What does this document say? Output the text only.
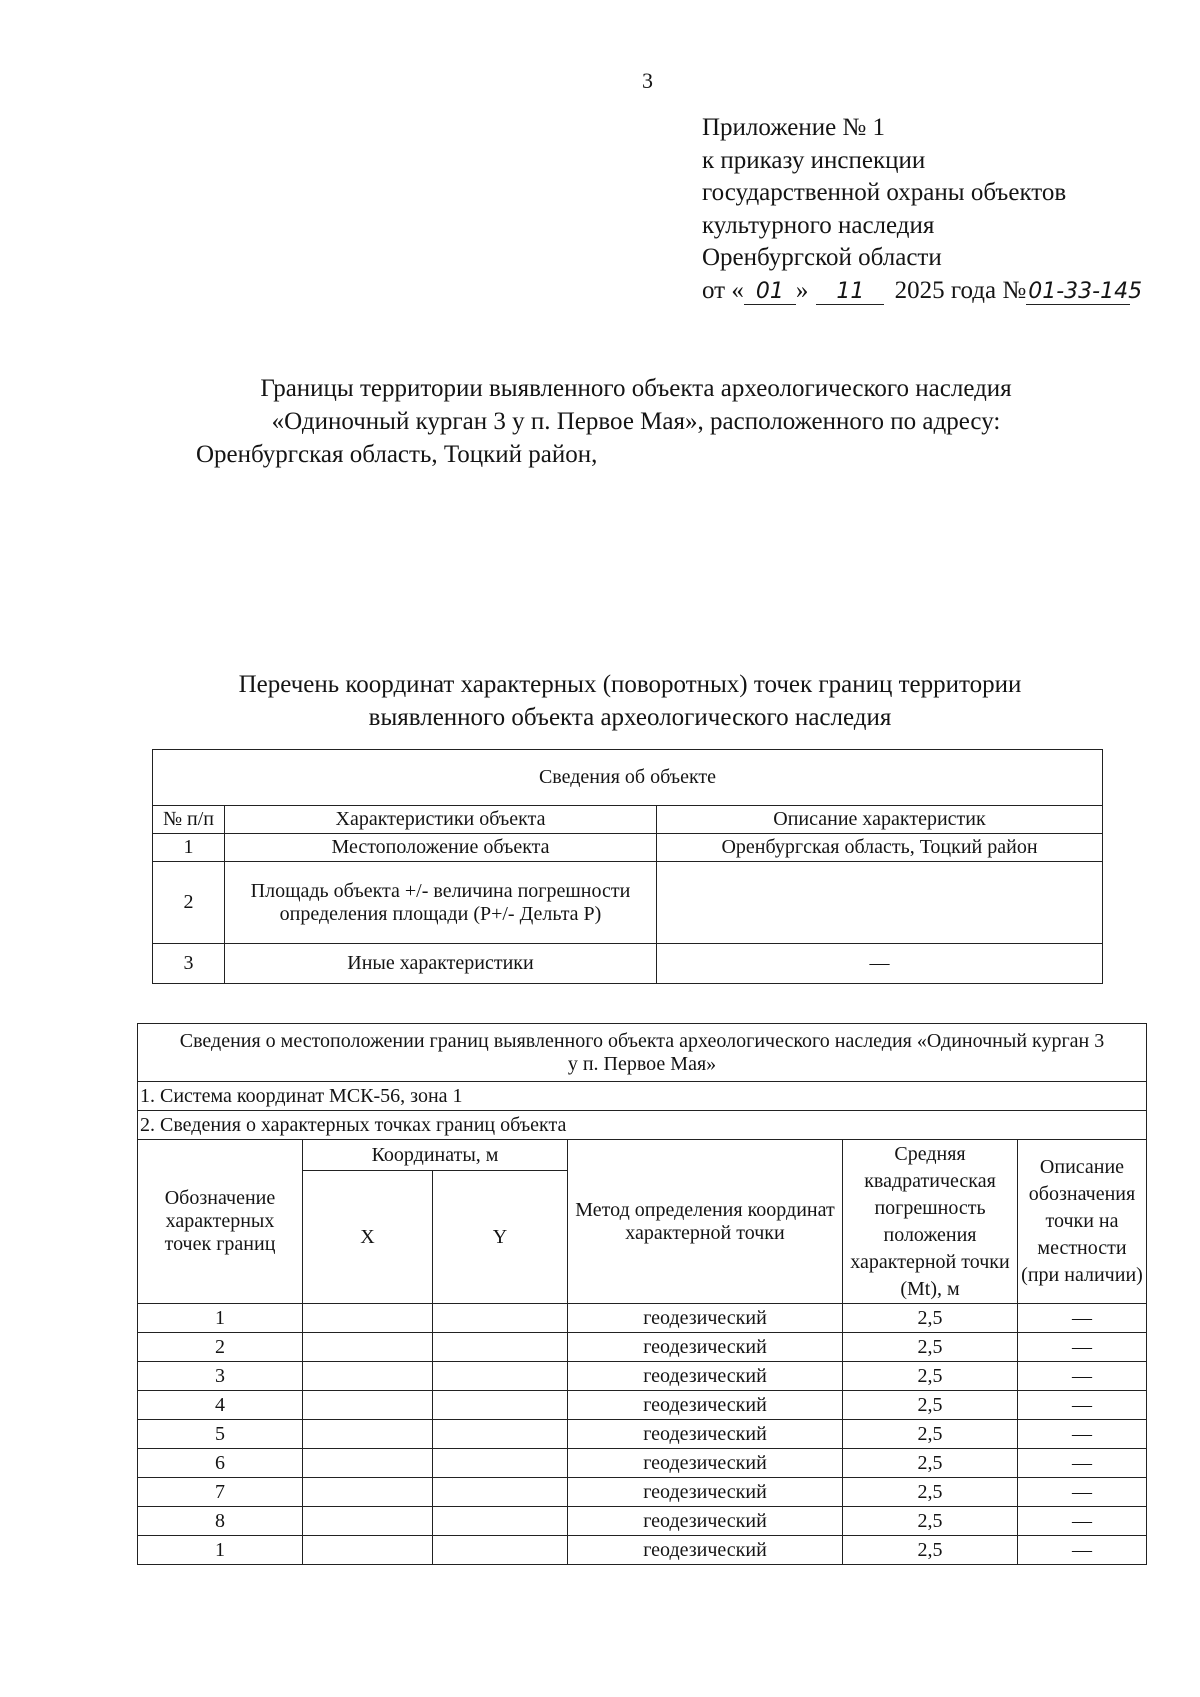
3
Приложение № 1
к приказу инспекции
государственной охраны объектов
культурного наследия
Оренбургской области
от « 01 » 11 2025 года №01-33-145
Границы территории выявленного объекта археологического наследия
«Одиночный курган 3 у п. Первое Мая», расположенного по адресу:
Оренбургская область, Тоцкий район,
Перечень координат характерных (поворотных) точек границ территории
выявленного объекта археологического наследия
Сведения об объекте		
№ п/п	Характеристики объекта	Описание характеристик
1	Местоположение объекта	Оренбургская область, Тоцкий район
2	Площадь объекта +/- величина погрешности определения площади (P+/- Дельта P)	
3	Иные характеристики	—
Сведения о местоположении границ выявленного объекта археологического наследия «Одиночный курган 3 у п. Первое Мая»					
1. Система координат МСК-56, зона 1					
2. Сведения о характерных точках границ объекта					
Обозначение характерных точек границ	Координаты, м		Метод определения координат характерной точки	Средняя квадратическая погрешность положения характерной точки (Mt), м	Описание обозначения точки на местности (при наличии)
	X	Y			
1			геодезический	2,5	—
2			геодезический	2,5	—
3			геодезический	2,5	—
4			геодезический	2,5	—
5			геодезический	2,5	—
6			геодезический	2,5	—
7			геодезический	2,5	—
8			геодезический	2,5	—
1			геодезический	2,5	—
